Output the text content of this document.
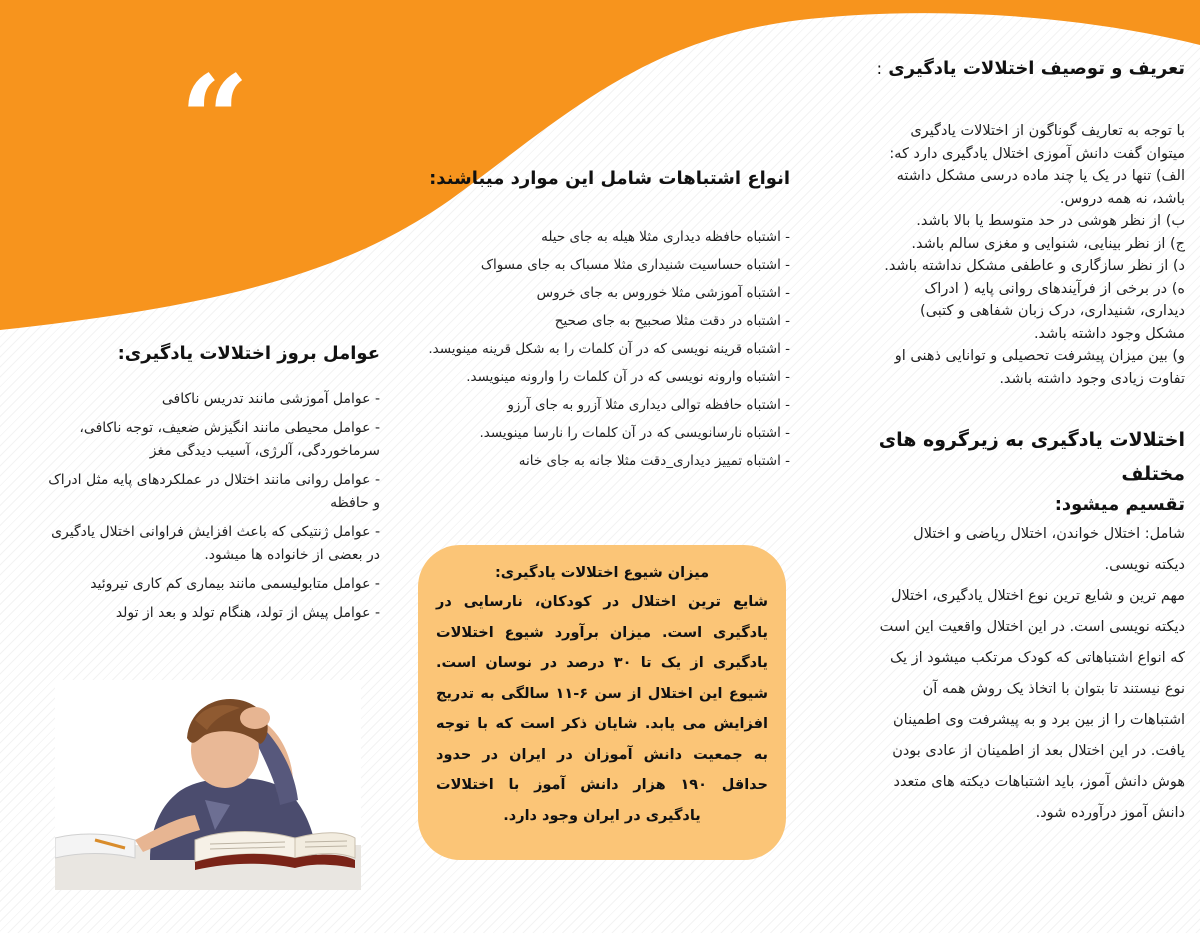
“	تعریف و توصیف اختلالات یادگیری :
با توجه به تعاریف گوناگون از اختلالات یادگیری
میتوان گفت دانش آموزی اختلال یادگیری دارد که:
الف) تنها در یک یا چند ماده درسی مشکل داشته
باشد، نه همه دروس.
ب) از نظر هوشی در حد متوسط یا بالا باشد.
ج) از نظر بینایی، شنوایی و مغزی سالم باشد.
د) از نظر سازگاری و عاطفی مشکل نداشته باشد.
ه) در برخی از فرآیندهای روانی پایه ( ادراک
دیداری، شنیداری، درک زبان شفاهی و کتبی)
مشکل وجود داشته باشد.
و) بین میزان پیشرفت تحصیلی و توانایی ذهنی او
تفاوت زیادی وجود داشته باشد.
اختلالات یادگیری به زیرگروه های مختلف
تقسیم میشود:
شامل: اختلال خواندن، اختلال ریاضی و اختلال
دیکته نویسی.
مهم ترین و شایع ترین نوع اختلال یادگیری، اختلال
دیکته نویسی است. در این اختلال واقعیت این است
که انواع اشتباهاتی که کودک مرتکب میشود از یک
نوع نیستند تا بتوان با اتخاذ یک روش همه آن
اشتباهات را از بین برد و به پیشرفت وی اطمینان
یافت. در این اختلال بعد از اطمینان از عادی بودن
هوش دانش آموز، باید اشتباهات دیکته های متعدد
دانش آموز درآورده شود.
انواع اشتباهات شامل این موارد میباشند:
- اشتباه حافظه دیداری مثلا هیله به جای حیله
- اشتباه حساسیت شنیداری مثلا مسباک به جای مسواک
- اشتباه آموزشی مثلا خوروس به جای خروس
- اشتباه در دقت مثلا صحبیح به جای صحیح
- اشتباه قرینه نویسی که در آن کلمات را به شکل قرینه مینویسد.
- اشتباه وارونه نویسی که در آن کلمات را وارونه مینویسد.
- اشتباه حافظه توالی دیداری مثلا آزرو به جای آرزو
- اشتباه نارسانویسی که در آن کلمات را نارسا مینویسد.
- اشتباه تمییز دیداری_دقت مثلا جانه به جای خانه
میزان شیوع اختلالات یادگیری:
شایع ترین اختلال در کودکان، نارسایی در یادگیری است. میزان برآورد شیوع اختلالات یادگیری از یک تا ۳۰ درصد در نوسان است. شیوع این اختلال از سن ۶-۱۱ سالگی به تدریج افزایش می یابد. شایان ذکر است که با توجه به جمعیت دانش آموزان در ایران در حدود حداقل ۱۹۰ هزار دانش آموز با اختلالات یادگیری در ایران وجود دارد.
عوامل بروز اختلالات یادگیری:
- عوامل آموزشی مانند تدریس ناکافی
- عوامل محیطی مانند انگیزش ضعیف، توجه ناکافی، سرماخوردگی، آلرژی، آسیب دیدگی مغز
- عوامل روانی مانند اختلال در عملکردهای پایه مثل ادراک و حافظه
- عوامل ژنتیکی که باعث افزایش فراوانی اختلال یادگیری در بعضی از خانواده ها میشود.
- عوامل متابولیسمی مانند بیماری کم کاری تیروئید
- عوامل پیش از تولد، هنگام تولد و بعد از تولد
